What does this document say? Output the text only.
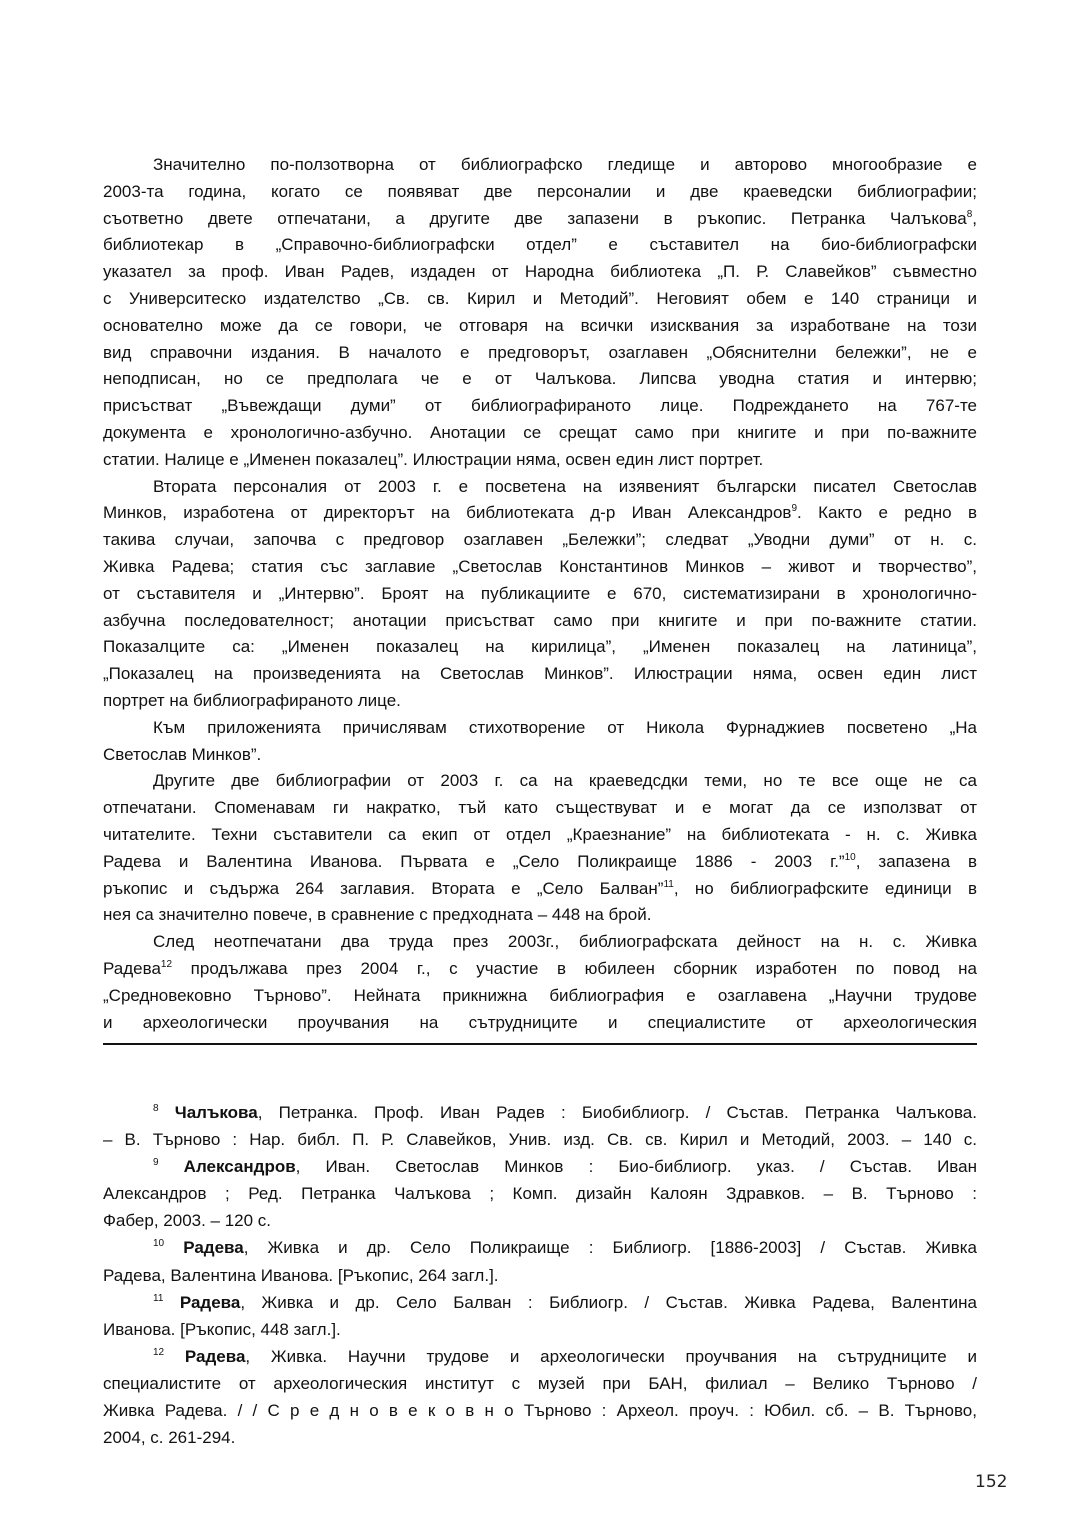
Значително по-ползотворна от библиографско гледище и авторово многообразие е
2003-та година, когато се появяват две персоналии и две краеведски библиографии;
съответно двете отпечатани, а другите две запазени в ръкопис. Петранка Чалъкова$^8$,
библиотекар в „Справочно-библиографски отдел” е съставител на био-библиографски
указател за проф. Иван Радев, издаден от Народна библиотека „П. Р. Славейков” съвместно
с Университеско издателство „Св. св. Кирил и Методий”. Неговият обем е 140 страници и
основателно може да се говори, че отговаря на всички изисквания за изработване на този
вид справочни издания. В началото е предговорът, озаглавен „Обяснителни бележки”, не е
неподписан, но се предполага че е от Чалъкова. Липсва уводна статия и интервю;
присъстват „Въвеждащи думи” от библиографираното лице. Подреждането на 767-те
документа е хронологично-азбучно. Анотации се срещат само при книгите и при по-важните
статии. Налице е „Именен показалец”. Илюстрации няма, освен един лист портрет.
Втората персоналия от 2003 г. е посветена на изявеният български писател Светослав
Минков, изработена от директорът на библиотеката д-р Иван Александров$^9$. Както е редно в
такива случаи, започва с предговор озаглавен „Бележки”; следват „Уводни думи” от н. с.
Живка Радева; статия със заглавие „Светослав Константинов Минков – живот и творчество”,
от съставителя и „Интервю”. Броят на публикациите е 670, систематизирани в хронологично-
азбучна последователност; анотации присъстват само при книгите и при по-важните статии.
Показалците са: „Именен показалец на кирилица”, „Именен показалец на латиница”,
„Показалец на произведенията на Светослав Минков”. Илюстрации няма, освен един лист
портрет на библиографираното лице.
Към приложенията причислявам стихотворение от Никола Фурнаджиев посветено „На
Светослав Минков”.
Другите две библиографии от 2003 г. са на краеведсдки теми, но те все още не са
отпечатани. Споменавам ги накратко, тъй като съществуват и е могат да се използват от
читателите. Техни съставители са екип от отдел „Краезнание” на библиотеката - н. с. Живка
Радева и Валентина Иванова. Първата е „Село Поликраище 1886 - 2003 г.”$^{10}$, запазена в
ръкопис и съдържа 264 заглавия. Втората е „Село Балван”$^{11}$, но библиографските единици в
нея са значително повече, в сравнение с предходната – 448 на брой.
След неотпечатани два труда през 2003г., библиографската дейност на н. с. Живка
Радева$^{12}$ продължава през 2004 г., с участие в юбилеен сборник изработен по повод на
„Средновековно Търново”. Нейната прикнижна библиография е озаглавена „Научни трудове
и археологически проучвания на сътрудниците и специалистите от археологическия
$^8$ Чалъкова, Петранка. Проф. Иван Радев : Биобиблиогр. / Състав. Петранка Чалъкова.
– В. Търново : Нар. библ. П. Р. Славейков, Унив. изд. Св. св. Кирил и Методий, 2003. – 140 с.
$^9$ Александров, Иван. Светослав Минков : Био-библиогр. указ. / Състав. Иван
Александров ; Ред. Петранка Чалъкова ; Комп. дизайн Калоян Здравков. – В. Търново :
Фабер, 2003. – 120 с.
$^{10}$ Радева, Живка и др. Село Поликраище : Библиогр. [1886-2003] / Състав. Живка
Радева, Валентина Иванова. [Ръкопис, 264 загл.].
$^{11}$ Радева, Живка и др. Село Балван : Библиогр. / Състав. Живка Радева, Валентина
Иванова. [Ръкопис, 448 загл.].
$^{12}$ Радева, Живка. Научни трудове и археологически проучвания на сътрудниците и
специалистите от археологическия институт с музей при БАН, филиал – Велико Търново /
Живка Радева. / / С р е д н о в е к о в н о Търново : Археол. проуч. : Юбил. сб. – В. Търново,
2004, с. 261-294.
152
